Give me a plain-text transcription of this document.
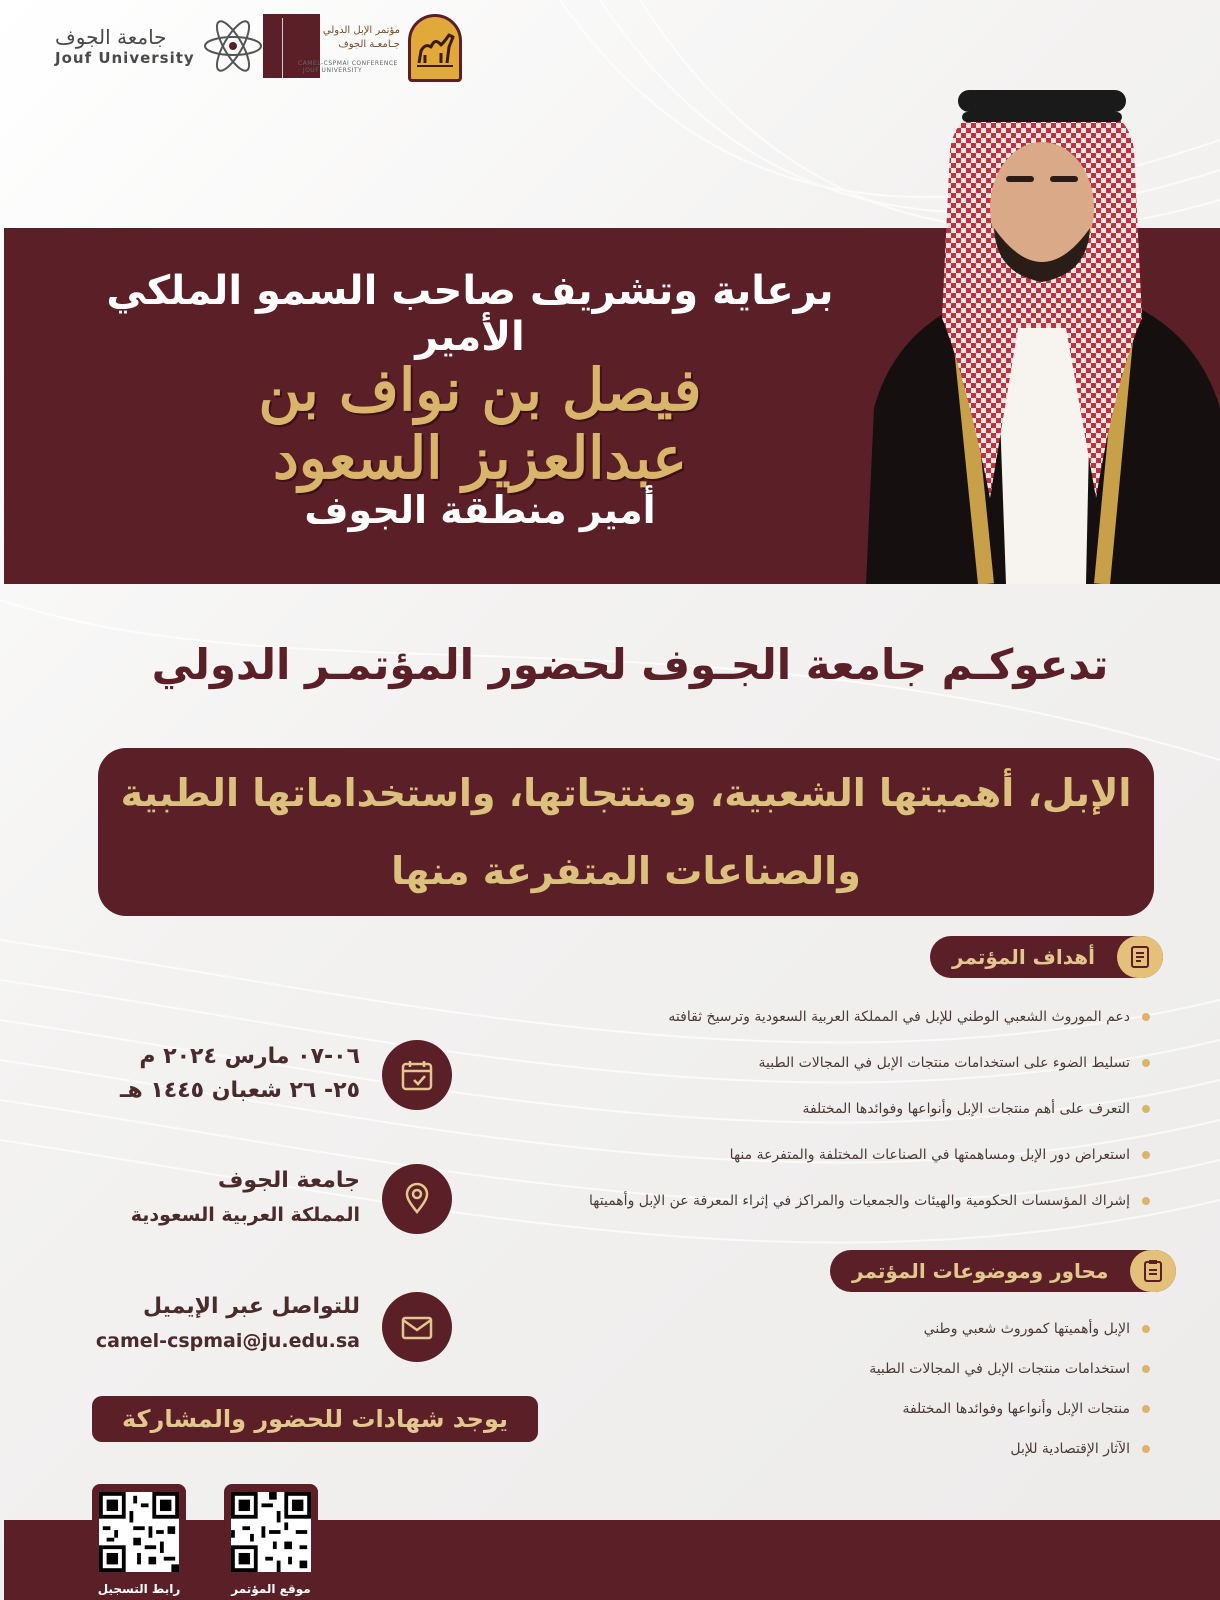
جامعة الجوف
Jouf University
مؤتمر الإبل الدولي
جـامعـة الجوف
CAMEL-CSPMAI CONFERENCE · JOUF UNIVERSITY
برعاية وتشريف صاحب السمو الملكي الأمير
فيصل بن نواف بن عبدالعزيز السعود
أمير منطقة الجوف
تدعوكـم جامعة الجـوف لحضور المؤتمـر الدولي
الإبل، أهميتها الشعبية، ومنتجاتها، واستخداماتها الطبية
والصناعات المتفرعة منها
أهداف المؤتمر
دعم الموروث الشعبي الوطني للإبل في المملكة العربية السعودية وترسيخ ثقافته
تسليط الضوء على استخدامات منتجات الإبل في المجالات الطبية
التعرف على أهم منتجات الإبل وأنواعها وفوائدها المختلفة
استعراض دور الإبل ومساهمتها في الصناعات المختلفة والمتفرعة منها
إشراك المؤسسات الحكومية والهيئات والجمعيات والمراكز في إثراء المعرفة عن الإبل وأهميتها
محاور وموضوعات المؤتمر
الإبل وأهميتها كموروث شعبي وطني
استخدامات منتجات الإبل في المجالات الطبية
منتجات الإبل وأنواعها وفوائدها المختلفة
الآثار الإقتصادية للإبل
٠٦-٠٧ مارس ٢٠٢٤ م
٢٥- ٢٦ شعبان ١٤٤٥ هـ
جامعة الجوف
المملكة العربية السعودية
للتواصل عبر الإيميل
camel-cspmai@ju.edu.sa
يوجد شهادات للحضور والمشاركة
رابط التسجيل	موقع المؤتمر
